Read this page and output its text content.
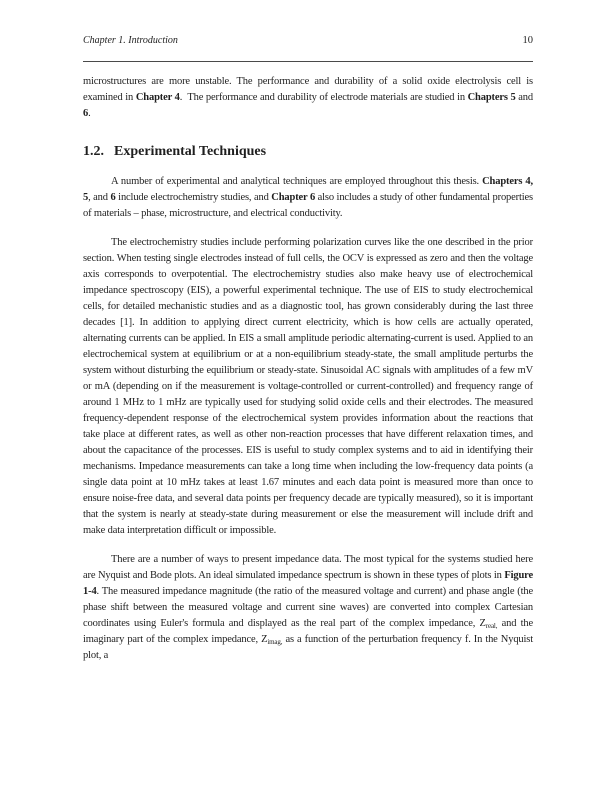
Chapter 1. Introduction	10

microstructures are more unstable. The performance and durability of a solid oxide electrolysis cell is examined in Chapter 4.  The performance and durability of electrode materials are studied in Chapters 5 and 6.

1.2. Experimental Techniques

A number of experimental and analytical techniques are employed throughout this thesis. Chapters 4, 5, and 6 include electrochemistry studies, and Chapter 6 also includes a study of other fundamental properties of materials – phase, microstructure, and electrical conductivity.

The electrochemistry studies include performing polarization curves like the one described in the prior section. When testing single electrodes instead of full cells, the OCV is expressed as zero and then the voltage axis corresponds to overpotential. The electrochemistry studies also make heavy use of electrochemical impedance spectroscopy (EIS), a powerful experimental technique. The use of EIS to study electrochemical cells, for detailed mechanistic studies and as a diagnostic tool, has grown considerably during the last three decades [1]. In addition to applying direct current electricity, which is how cells are actually operated, alternating currents can be applied. In EIS a small amplitude periodic alternating-current is used. Applied to an electrochemical system at equilibrium or at a non-equilibrium steady-state, the small amplitude perturbs the system without disturbing the equilibrium or steady-state. Sinusoidal AC signals with amplitudes of a few mV or mA (depending on if the measurement is voltage-controlled or current-controlled) and frequency range of around 1 MHz to 1 mHz are typically used for studying solid oxide cells and their electrodes. The measured frequency-dependent response of the electrochemical system provides information about the reactions that take place at different rates, as well as other non-reaction processes that have different relaxation times, and about the capacitance of the processes. EIS is useful to study complex systems and to aid in identifying their mechanisms. Impedance measurements can take a long time when including the low-frequency data points (a single data point at 10 mHz takes at least 1.67 minutes and each data point is measured more than once to ensure noise-free data, and several data points per frequency decade are typically measured), so it is important that the system is nearly at steady-state during measurement or else the measurement will include drift and make data interpretation difficult or impossible.

There are a number of ways to present impedance data. The most typical for the systems studied here are Nyquist and Bode plots. An ideal simulated impedance spectrum is shown in these types of plots in Figure 1-4. The measured impedance magnitude (the ratio of the measured voltage and current) and phase angle (the phase shift between the measured voltage and current sine waves) are converted into complex Cartesian coordinates using Euler's formula and displayed as the real part of the complex impedance, $Z_{real,}$ and the imaginary part of the complex impedance, $Z_{imag,}$ as a function of the perturbation frequency f. In the Nyquist plot, a
